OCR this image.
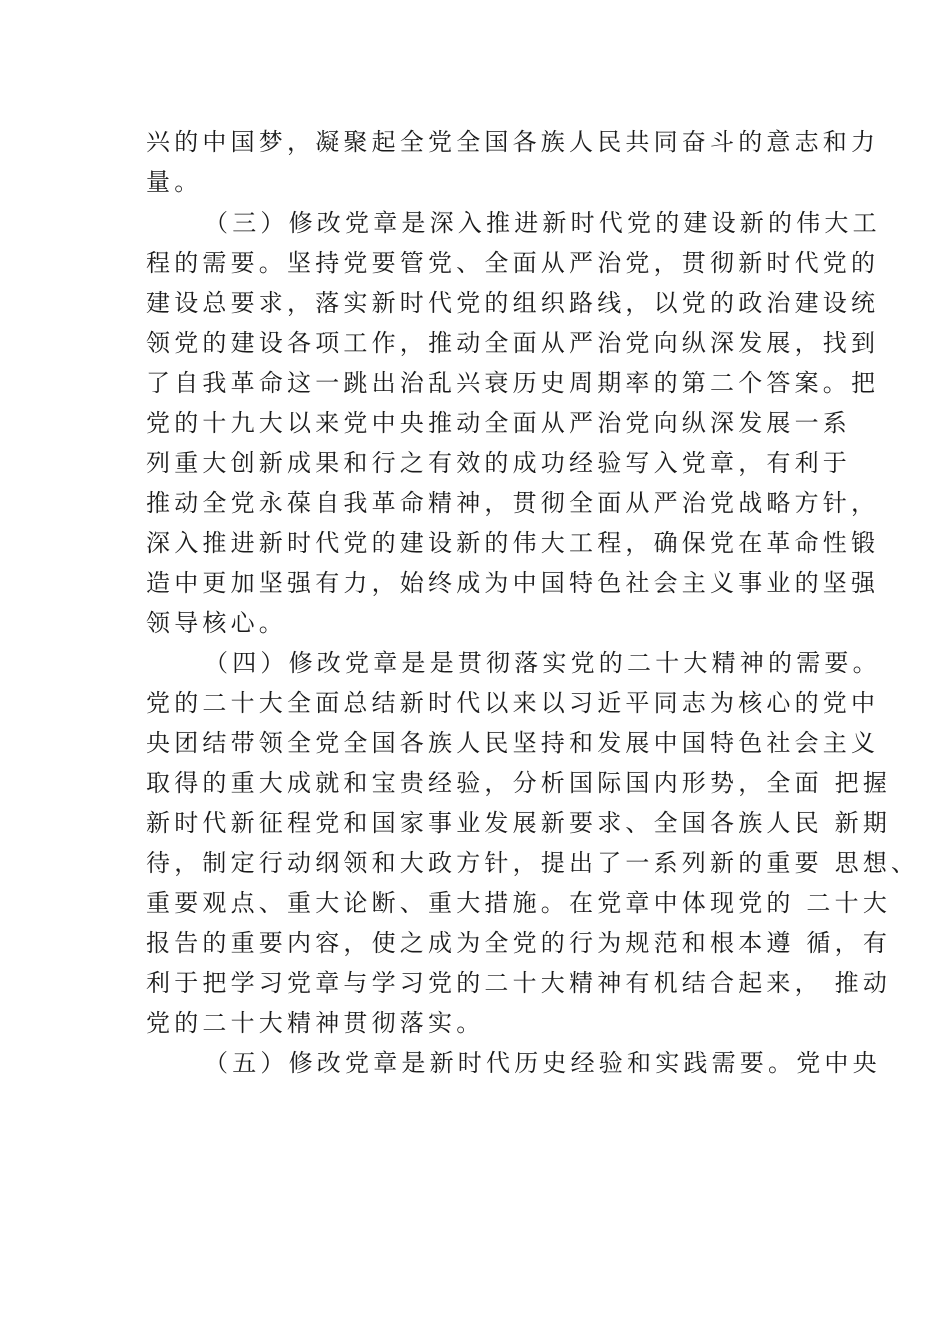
兴的中国梦，凝聚起全党全国各族人民共同奋斗的意志和力
量。
（三）修改党章是深入推进新时代党的建设新的伟大工
程的需要。坚持党要管党、全面从严治党，贯彻新时代党的
建设总要求，落实新时代党的组织路线，以党的政治建设统
领党的建设各项工作，推动全面从严治党向纵深发展，找到
了自我革命这一跳出治乱兴衰历史周期率的第二个答案。把
党的十九大以来党中央推动全面从严治党向纵深发展一系
列重大创新成果和行之有效的成功经验写入党章，有利于
推动全党永葆自我革命精神，贯彻全面从严治党战略方针，
深入推进新时代党的建设新的伟大工程，确保党在革命性锻
造中更加坚强有力，始终成为中国特色社会主义事业的坚强
领导核心。
（四）修改党章是是贯彻落实党的二十大精神的需要。
党的二十大全面总结新时代以来以习近平同志为核心的党中
央团结带领全党全国各族人民坚持和发展中国特色社会主义
取得的重大成就和宝贵经验，分析国际国内形势，全面 把握
新时代新征程党和国家事业发展新要求、全国各族人民 新期
待，制定行动纲领和大政方针，提出了一系列新的重要 思想、
重要观点、重大论断、重大措施。在党章中体现党的 二十大
报告的重要内容，使之成为全党的行为规范和根本遵 循，有
利于把学习党章与学习党的二十大精神有机结合起来， 推动
党的二十大精神贯彻落实。
（五）修改党章是新时代历史经验和实践需要。党中央
